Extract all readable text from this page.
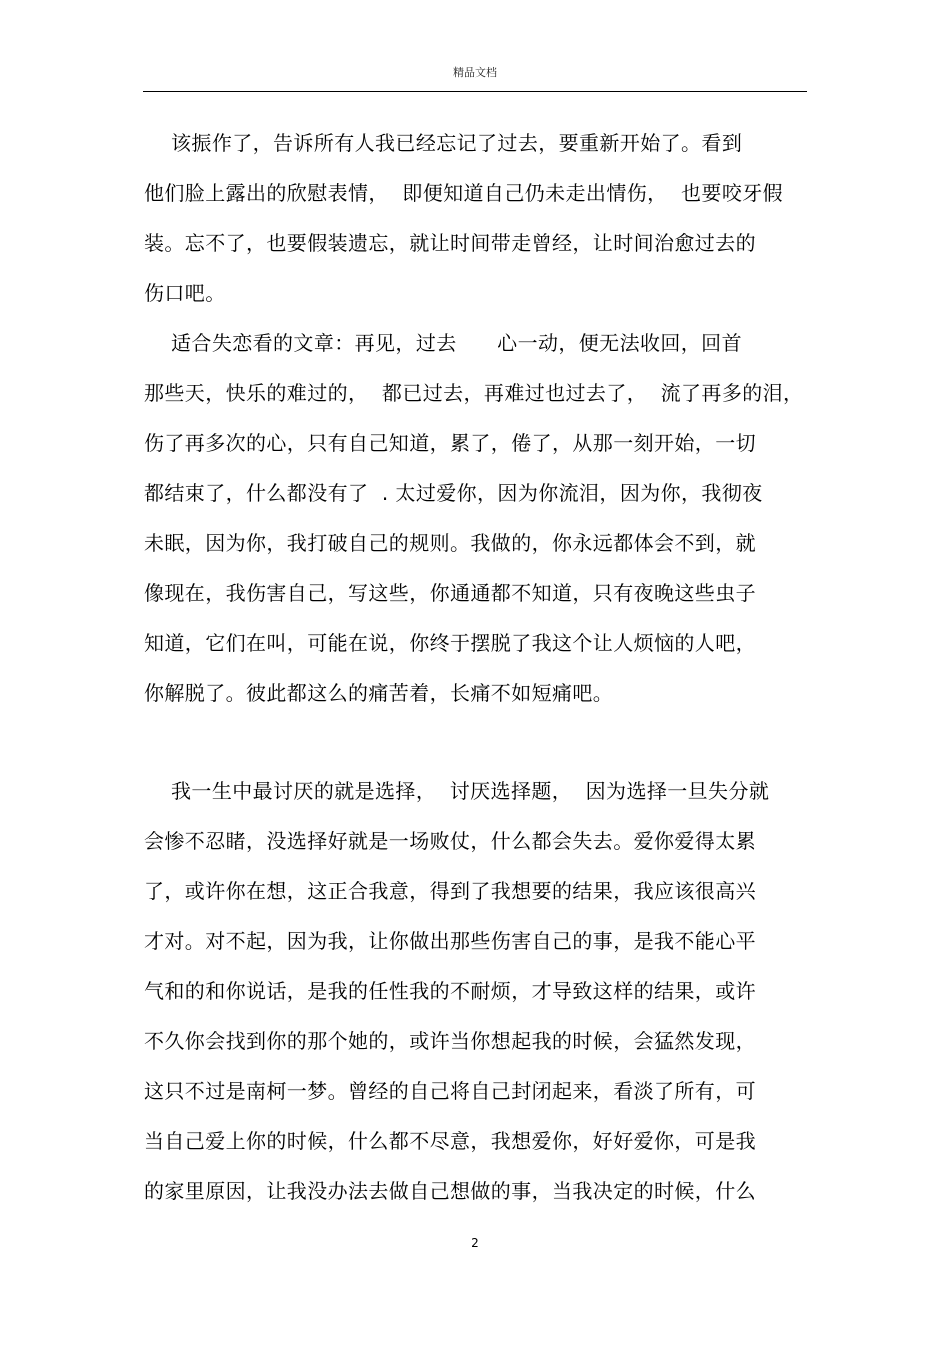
精品文档
该振作了，告诉所有人我已经忘记了过去，要重新开始了。看到
他们脸上露出的欣慰表情，  即便知道自己仍未走出情伤，  也要咬牙假
装。忘不了，也要假装遗忘，就让时间带走曾经，让时间治愈过去的
伤口吧。
适合失恋看的文章：再见，过去      心一动，便无法收回，回首
那些天，快乐的难过的，  都已过去，再难过也过去了，  流了再多的泪，
伤了再多次的心，只有自己知道，累了，倦了，从那一刻开始，一切
都结束了，什么都没有了  . 太过爱你，因为你流泪，因为你，我彻夜
未眠，因为你，我打破自己的规则。我做的，你永远都体会不到，就
像现在，我伤害自己，写这些，你通通都不知道，只有夜晚这些虫子
知道，它们在叫，可能在说，你终于摆脱了我这个让人烦恼的人吧，
你解脱了。彼此都这么的痛苦着，长痛不如短痛吧。
我一生中最讨厌的就是选择，  讨厌选择题，  因为选择一旦失分就
会惨不忍睹，没选择好就是一场败仗，什么都会失去。爱你爱得太累
了，或许你在想，这正合我意，得到了我想要的结果，我应该很高兴
才对。对不起，因为我，让你做出那些伤害自己的事，是我不能心平
气和的和你说话，是我的任性我的不耐烦，才导致这样的结果，或许
不久你会找到你的那个她的，或许当你想起我的时候，会猛然发现，
这只不过是南柯一梦。曾经的自己将自己封闭起来，看淡了所有，可
当自己爱上你的时候，什么都不尽意，我想爱你，好好爱你，可是我
的家里原因，让我没办法去做自己想做的事，当我决定的时候，什么
2
